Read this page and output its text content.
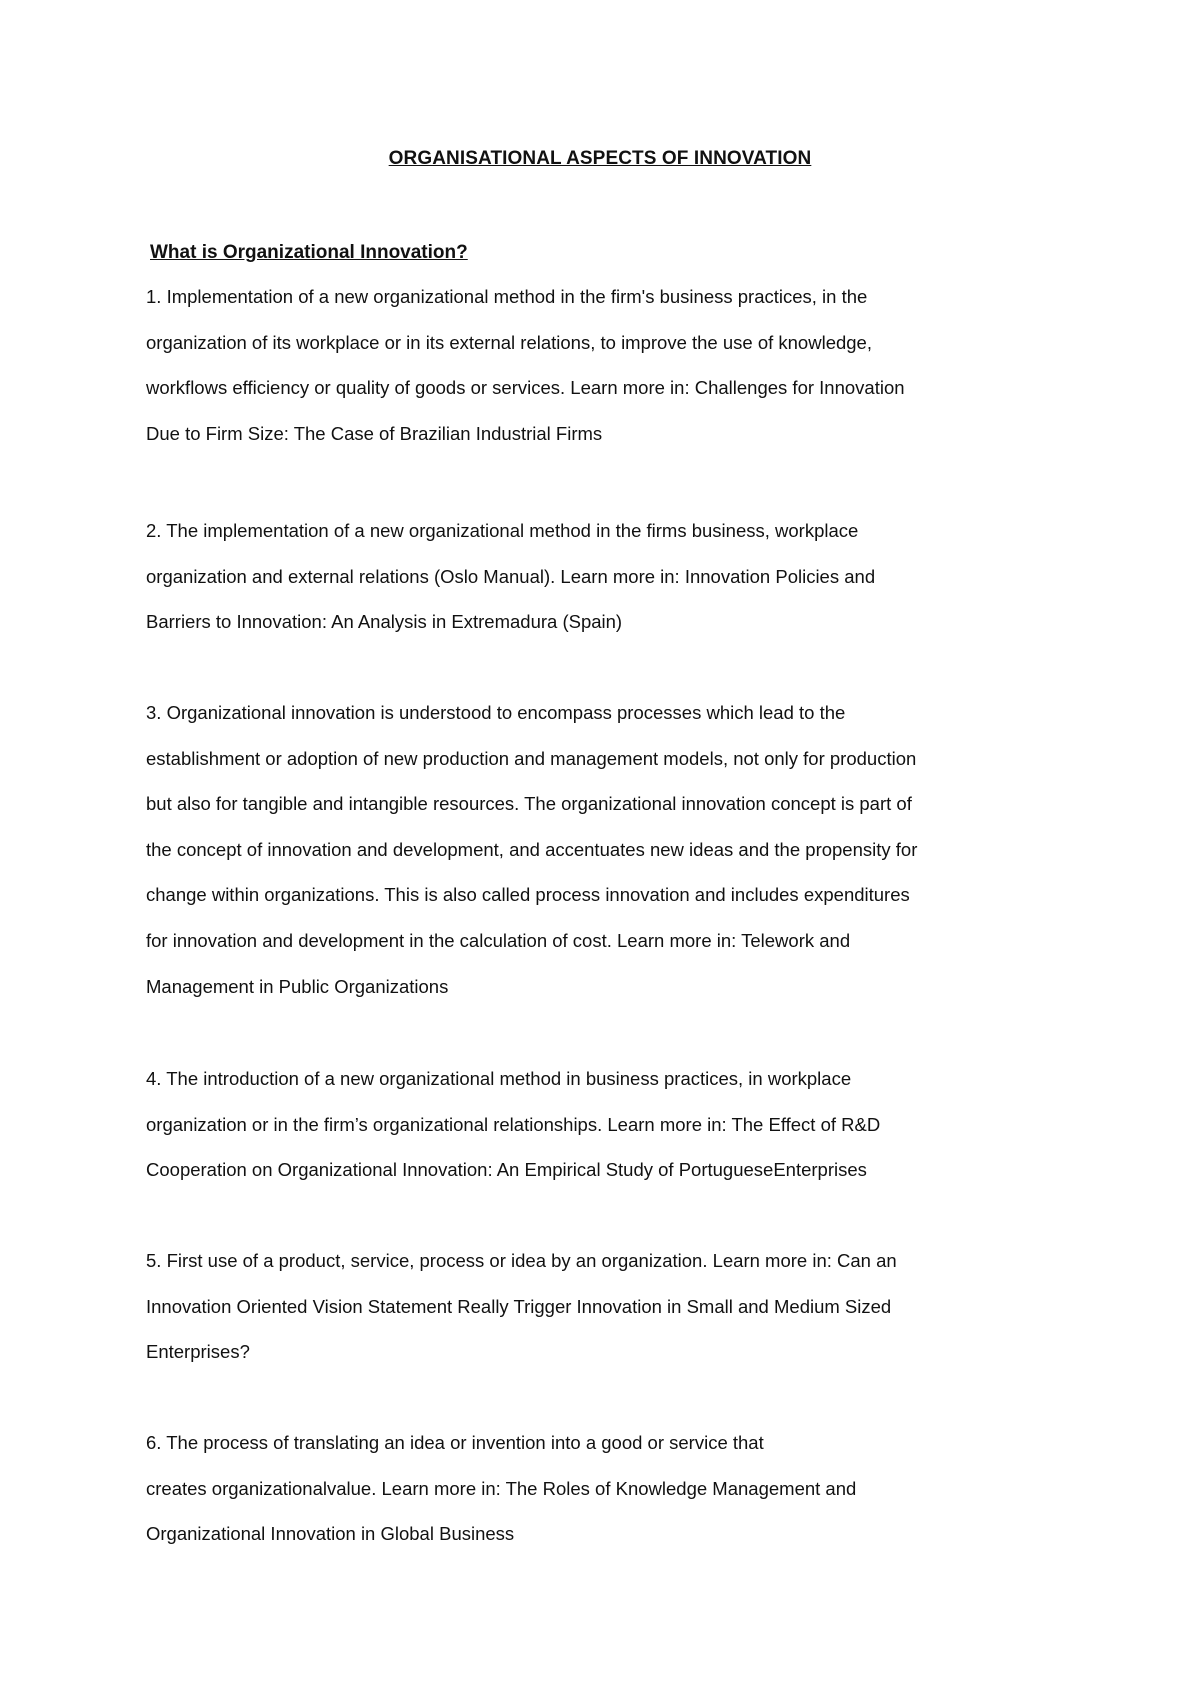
ORGANISATIONAL ASPECTS OF INNOVATION
What is Organizational Innovation?

1. Implementation of a new organizational method in the firm's business practices, in the
organization of its workplace or in its external relations, to improve the use of knowledge,
workflows efficiency or quality of goods or services. Learn more in: Challenges for Innovation
Due to Firm Size: The Case of Brazilian Industrial Firms

2. The implementation of a new organizational method in the firms business, workplace
organization and external relations (Oslo Manual). Learn more in: Innovation Policies and
Barriers to Innovation: An Analysis in Extremadura (Spain)

3. Organizational innovation is understood to encompass processes which lead to the
establishment or adoption of new production and management models, not only for production
but also for tangible and intangible resources. The organizational innovation concept is part of
the concept of innovation and development, and accentuates new ideas and the propensity for
change within organizations. This is also called process innovation and includes expenditures
for innovation and development in the calculation of cost. Learn more in: Telework and
Management in Public Organizations

4. The introduction of a new organizational method in business practices, in workplace
organization or in the firm’s organizational relationships. Learn more in: The Effect of R&D
Cooperation on Organizational Innovation: An Empirical Study of PortugueseEnterprises

5. First use of a product, service, process or idea by an organization. Learn more in: Can an
Innovation Oriented Vision Statement Really Trigger Innovation in Small and Medium Sized
Enterprises?

6. The process of translating an idea or invention into a good or service that
creates organizationalvalue. Learn more in: The Roles of Knowledge Management and
Organizational Innovation in Global Business
